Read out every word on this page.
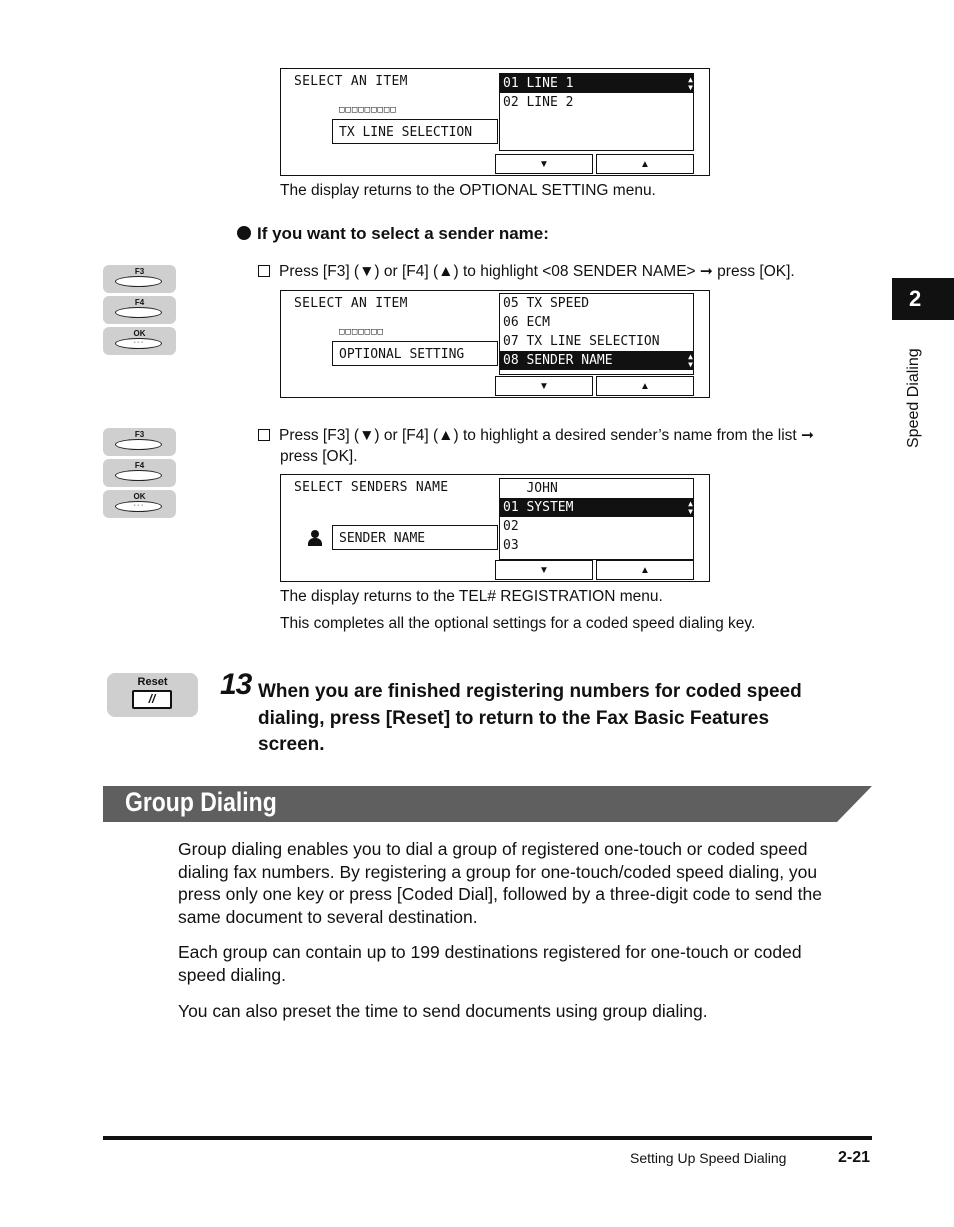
SELECT AN ITEM
□□□□□□□□□
TX LINE SELECTION
01 LINE 1	▲
▼
02 LINE 2
▼	▲
The display returns to the OPTIONAL SETTING menu.
If you want to select a sender name:
F3
F4
OK
◦ ◦ ◦
Press [F3] (▼) or [F4] (▲) to highlight <08 SENDER NAME> ➞ press [OK].
SELECT AN ITEM
□□□□□□□
OPTIONAL SETTING
05 TX SPEED
06 ECM
07 TX LINE SELECTION
08 SENDER NAME	▲
▼
▼	▲
F3
F4
OK
◦ ◦ ◦
Press [F3] (▼) or [F4] (▲) to highlight a desired sender’s name from the list ➞
press [OK].
SELECT SENDERS NAME
SENDER NAME
JOHN
01 SYSTEM	▲
▼
02
03
▼	▲
The display returns to the TEL# REGISTRATION menu.
This completes all the optional settings for a coded speed dialing key.
Reset
//	13 When you are finished registering numbers for coded speed
dialing, press [Reset] to return to the Fax Basic Features
screen.
Group Dialing
Group dialing enables you to dial a group of registered one-touch or coded speed
dialing fax numbers. By registering a group for one-touch/coded speed dialing, you
press only one key or press [Coded Dial], followed by a three-digit code to send the
same document to several destination.
Each group can contain up to 199 destinations registered for one-touch or coded
speed dialing.
You can also preset the time to send documents using group dialing.
2
Speed Dialing
Setting Up Speed Dialing	2-21
